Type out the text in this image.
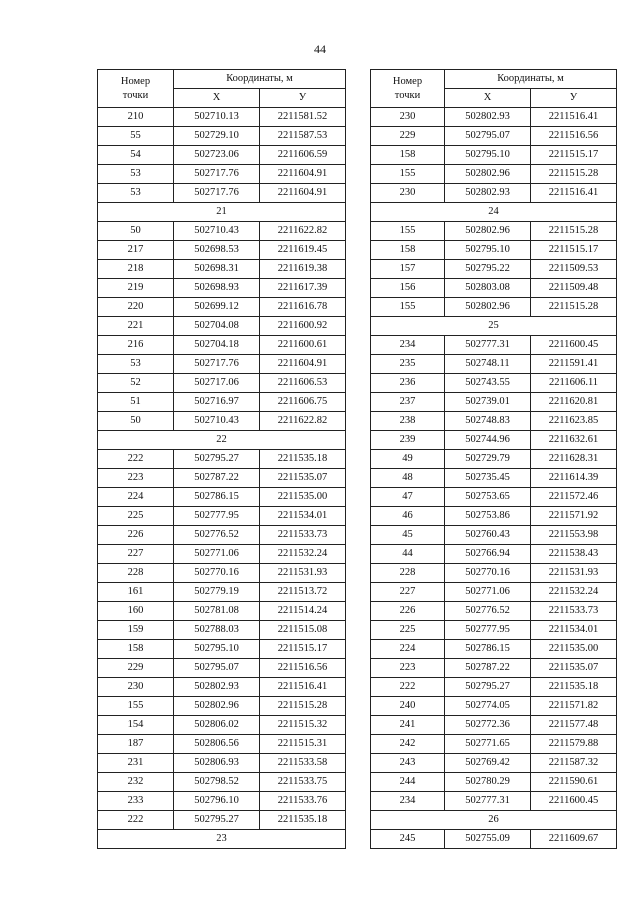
44
Номер
точки	Координаты, м	
	X	У
210	502710.13	2211581.52
55	502729.10	2211587.53
54	502723.06	2211606.59
53	502717.76	2211604.91
53	502717.76	2211604.91
21		
50	502710.43	2211622.82
217	502698.53	2211619.45
218	502698.31	2211619.38
219	502698.93	2211617.39
220	502699.12	2211616.78
221	502704.08	2211600.92
216	502704.18	2211600.61
53	502717.76	2211604.91
52	502717.06	2211606.53
51	502716.97	2211606.75
50	502710.43	2211622.82
22		
222	502795.27	2211535.18
223	502787.22	2211535.07
224	502786.15	2211535.00
225	502777.95	2211534.01
226	502776.52	2211533.73
227	502771.06	2211532.24
228	502770.16	2211531.93
161	502779.19	2211513.72
160	502781.08	2211514.24
159	502788.03	2211515.08
158	502795.10	2211515.17
229	502795.07	2211516.56
230	502802.93	2211516.41
155	502802.96	2211515.28
154	502806.02	2211515.32
187	502806.56	2211515.31
231	502806.93	2211533.58
232	502798.52	2211533.75
233	502796.10	2211533.76
222	502795.27	2211535.18
23		
Номер
точки	Координаты, м	
	X	У
230	502802.93	2211516.41
229	502795.07	2211516.56
158	502795.10	2211515.17
155	502802.96	2211515.28
230	502802.93	2211516.41
24		
155	502802.96	2211515.28
158	502795.10	2211515.17
157	502795.22	2211509.53
156	502803.08	2211509.48
155	502802.96	2211515.28
25		
234	502777.31	2211600.45
235	502748.11	2211591.41
236	502743.55	2211606.11
237	502739.01	2211620.81
238	502748.83	2211623.85
239	502744.96	2211632.61
49	502729.79	2211628.31
48	502735.45	2211614.39
47	502753.65	2211572.46
46	502753.86	2211571.92
45	502760.43	2211553.98
44	502766.94	2211538.43
228	502770.16	2211531.93
227	502771.06	2211532.24
226	502776.52	2211533.73
225	502777.95	2211534.01
224	502786.15	2211535.00
223	502787.22	2211535.07
222	502795.27	2211535.18
240	502774.05	2211571.82
241	502772.36	2211577.48
242	502771.65	2211579.88
243	502769.42	2211587.32
244	502780.29	2211590.61
234	502777.31	2211600.45
26		
245	502755.09	2211609.67
